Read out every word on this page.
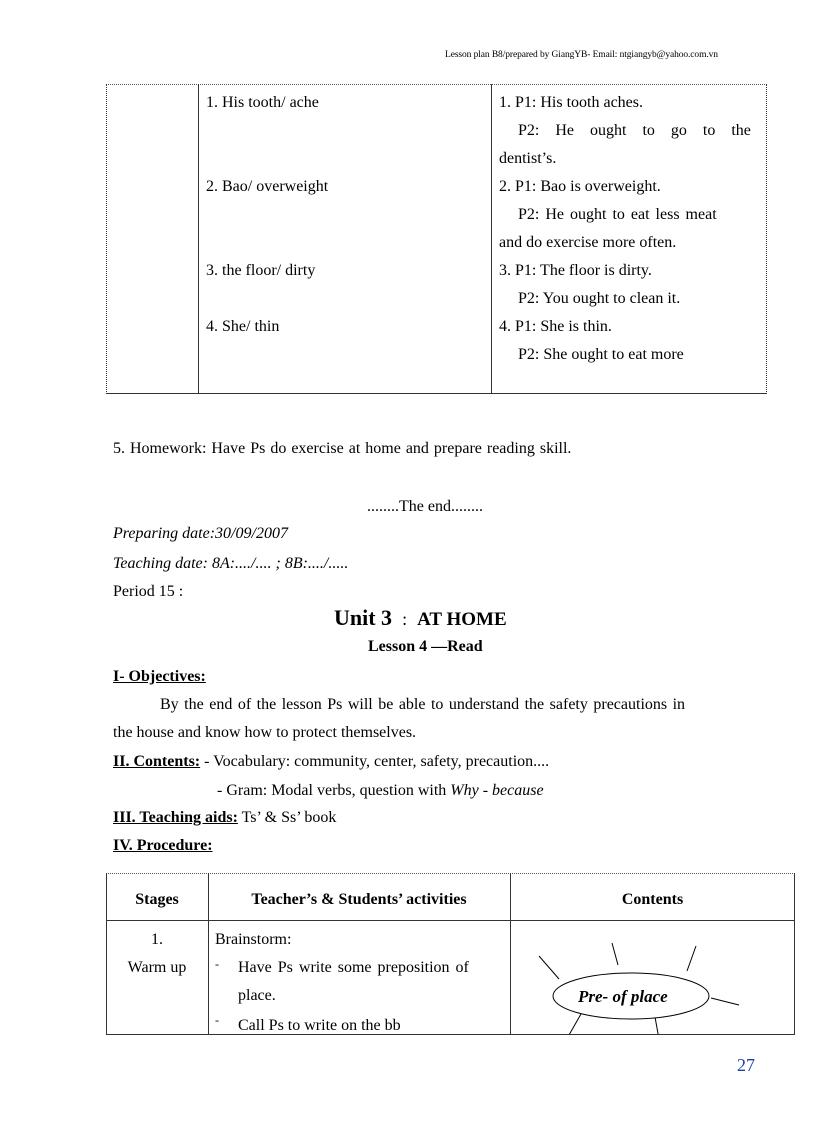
Lesson plan B8/prepared by GiangYB- Email: ntgiangyb@yahoo.com.vn
1. His tooth/ ache
2. Bao/ overweight
3. the floor/ dirty
4. She/ thin
1. P1: His tooth aches.
P2: He ought to go to the
dentist’s.
2. P1: Bao is overweight.
P2: He ought to eat less meat
and do exercise more often.
3. P1: The floor is dirty.
P2: You ought to clean it.
4. P1: She is thin.
P2: She ought to eat more
5. Homework: Have Ps do exercise at home and prepare reading skill.
........The end........
Preparing date:30/09/2007
Teaching date: 8A:..../.... ; 8B:..../.....
Period 15 :
Unit 3 : AT HOME
Lesson 4 —Read
I- Objectives:
By the end of the lesson Ps will be able to understand the safety precautions in
the house and know how to protect themselves.
II. Contents: - Vocabulary: community, center, safety, precaution....
- Gram: Modal verbs, question with Why - because
III. Teaching aids: Ts’ & Ss’ book
IV. Procedure:
Stages	Teacher’s & Students’ activities	Contents
1.
Warm up
Brainstorm:
- Have Ps write some preposition of
place.
- Call Ps to write on the bb
Pre- of place
27
